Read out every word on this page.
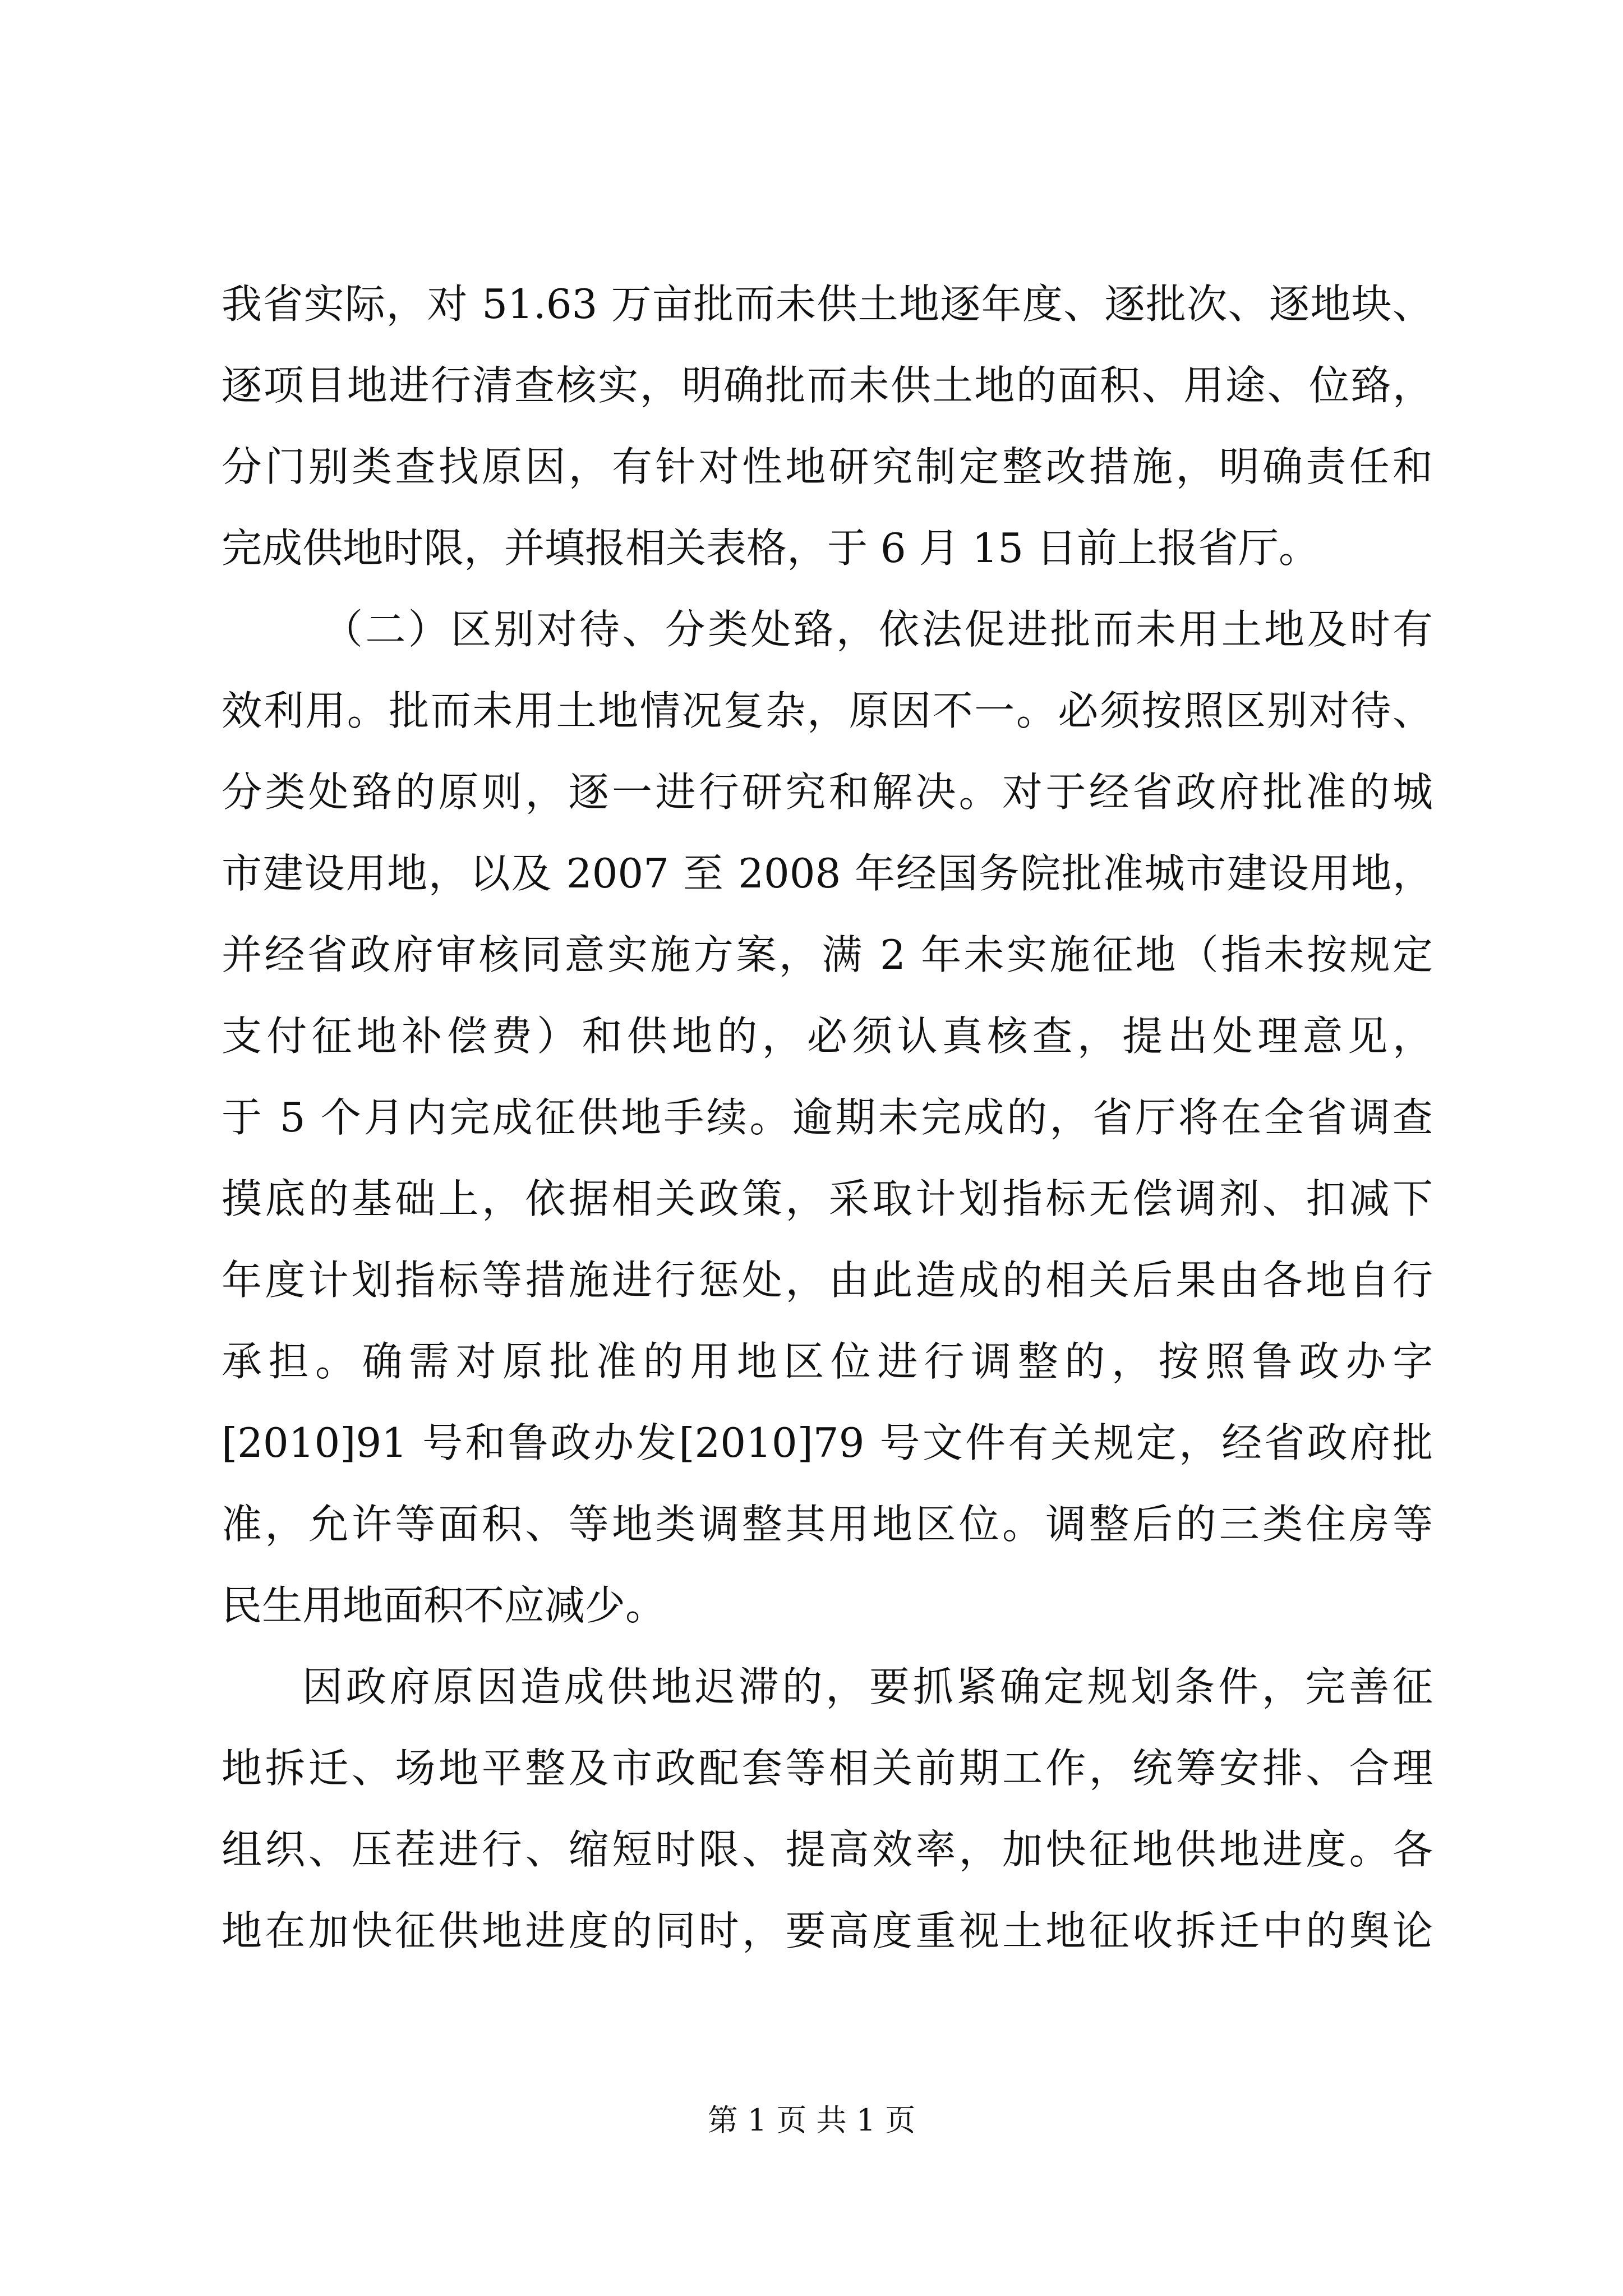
我省实际，对 51.63 万亩批而未供土地逐年度、逐批次、逐地块、
逐项目地进行清查核实，明确批而未供土地的面积、用途、位臵，
分门别类查找原因，有针对性地研究制定整改措施，明确责任和
完成供地时限，并填报相关表格，于 6 月 15 日前上报省厅。
（二）区别对待、分类处臵，依法促进批而未用土地及时有
效利用。批而未用土地情况复杂，原因不一。必须按照区别对待、
分类处臵的原则，逐一进行研究和解决。对于经省政府批准的城
市建设用地，以及 2007 至 2008 年经国务院批准城市建设用地，
并经省政府审核同意实施方案，满 2 年未实施征地（指未按规定
支付征地补偿费）和供地的，必须认真核查，提出处理意见，
于 5 个月内完成征供地手续。逾期未完成的，省厅将在全省调查
摸底的基础上，依据相关政策，采取计划指标无偿调剂、扣减下
年度计划指标等措施进行惩处，由此造成的相关后果由各地自行
承担。确需对原批准的用地区位进行调整的，按照鲁政办字
[2010]91 号和鲁政办发[2010]79 号文件有关规定，经省政府批
准，允许等面积、等地类调整其用地区位。调整后的三类住房等
民生用地面积不应减少。
因政府原因造成供地迟滞的，要抓紧确定规划条件，完善征
地拆迁、场地平整及市政配套等相关前期工作，统筹安排、合理
组织、压茬进行、缩短时限、提高效率，加快征地供地进度。各
地在加快征供地进度的同时，要高度重视土地征收拆迁中的舆论
第 1 页 共 1 页
